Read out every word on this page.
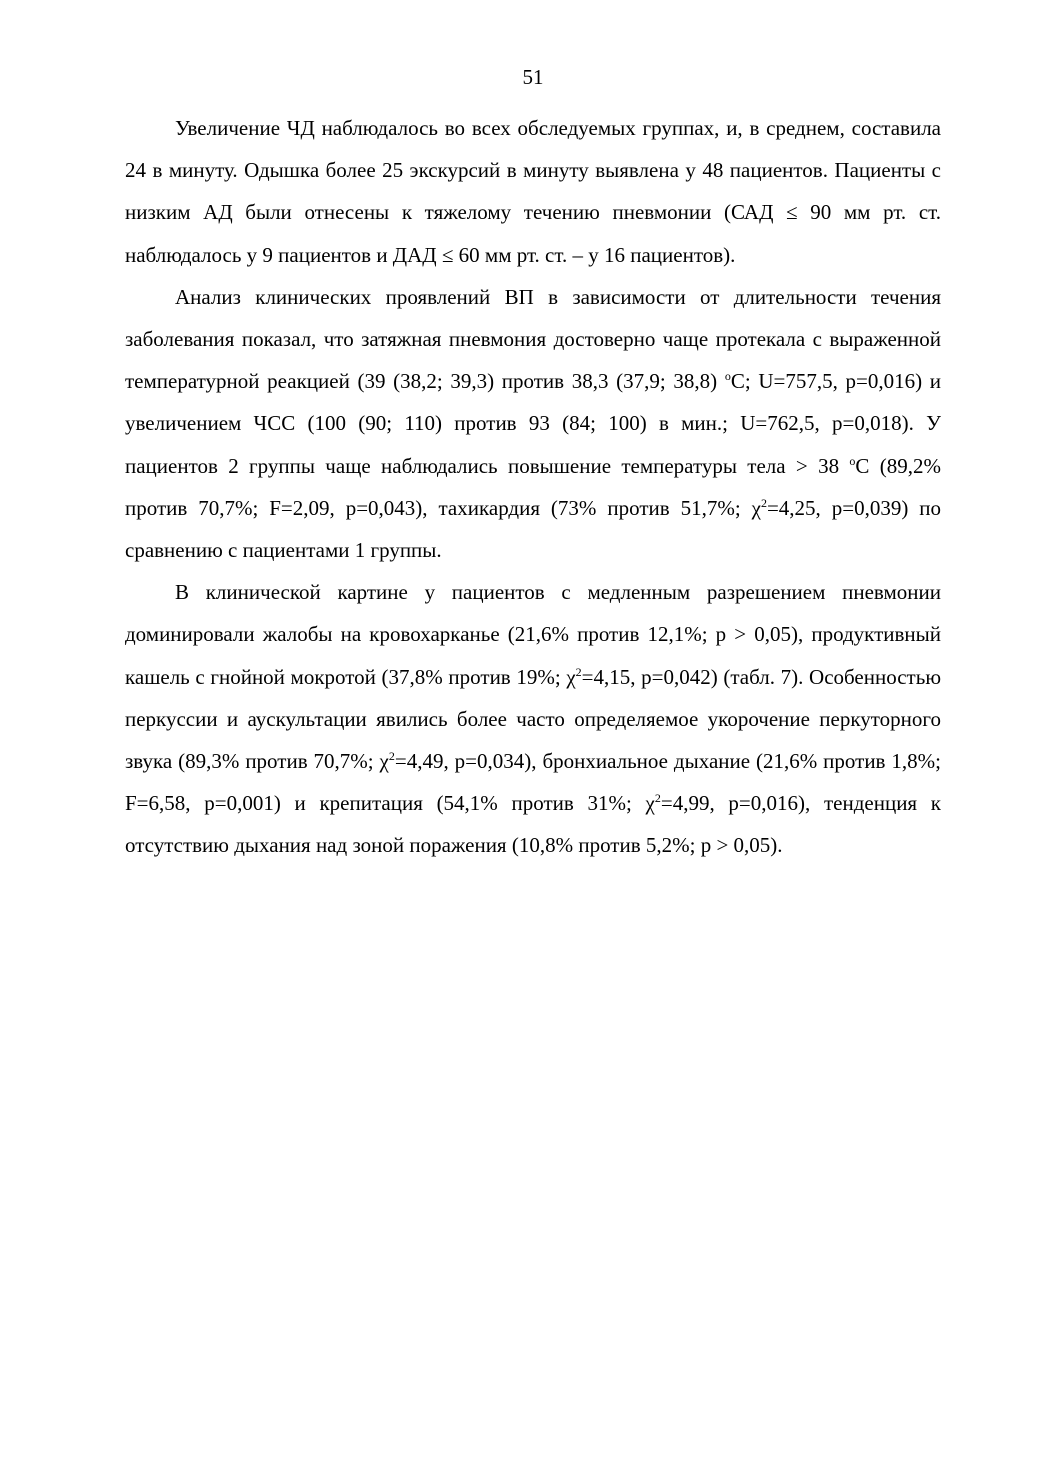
51

Увеличение ЧД наблюдалось во всех обследуемых группах, и, в среднем, составила 24 в минуту. Одышка более 25 экскурсий в минуту выявлена у 48 пациентов. Пациенты с низким АД были отнесены к тяжелому течению пневмонии (САД ≤ 90 мм рт. ст. наблюдалось у 9 пациентов и ДАД ≤ 60 мм рт. ст. – у 16 пациентов).

Анализ клинических проявлений ВП в зависимости от длительности течения заболевания показал, что затяжная пневмония достоверно чаще протекала с выраженной температурной реакцией (39 (38,2; 39,3) против 38,3 (37,9; 38,8) $^о$С; U=757,5, p=0,016) и увеличением ЧСС (100 (90; 110) против 93 (84; 100) в мин.; U=762,5, p=0,018). У пациентов 2 группы чаще наблюдались повышение температуры тела > 38 $^о$С (89,2% против 70,7%; F=2,09, p=0,043), тахикардия (73% против 51,7%; $\chi^2=4,25$, p=0,039) по сравнению с пациентами 1 группы.

В клинической картине у пациентов с медленным разрешением пневмонии доминировали жалобы на кровохарканье (21,6% против 12,1%; p > 0,05), продуктивный кашель с гнойной мокротой (37,8% против 19%; $\chi^2=4,15$, p=0,042) (табл. 7). Особенностью перкуссии и аускультации явились более часто определяемое укорочение перкуторного звука (89,3% против 70,7%; $\chi^2=4,49$, p=0,034), бронхиальное дыхание (21,6% против 1,8%; F=6,58, p=0,001) и крепитация (54,1% против 31%; $\chi^2=4,99$, p=0,016), тенденция к отсутствию дыхания над зоной поражения (10,8% против 5,2%; p > 0,05).
